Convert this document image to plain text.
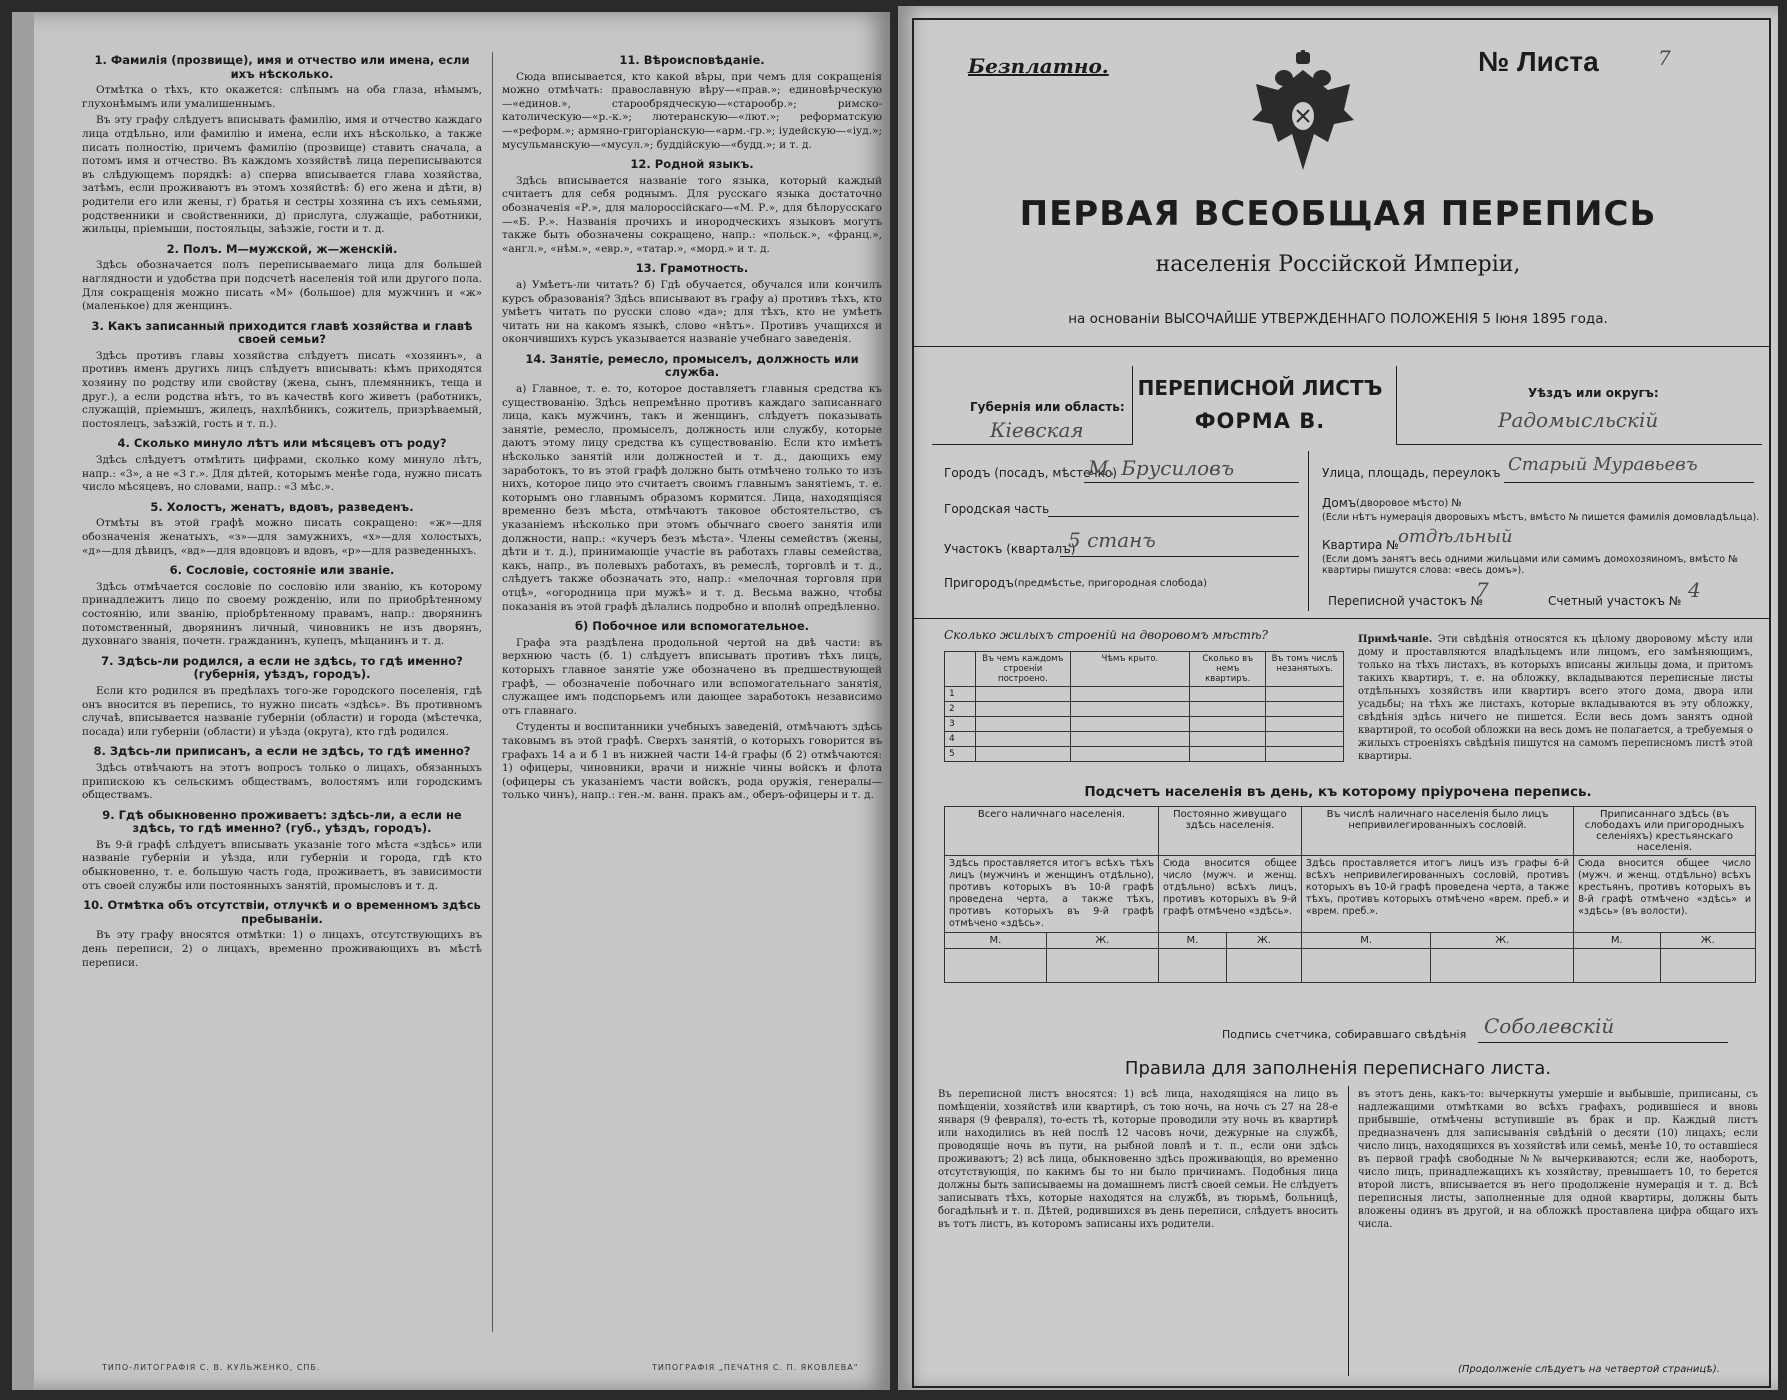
1. Фамилія (прозвище), имя и отчество или имена, если ихъ нѣсколько.

Отмѣтка о тѣхъ, кто окажется: слѣпымъ на оба глаза, нѣмымъ, глухонѣмымъ или умалишеннымъ.

Въ эту графу слѣдуетъ вписывать фамилію, имя и отчество каждаго лица отдѣльно, или фамилію и имена, если ихъ нѣсколько, а также писать полностію, причемъ фамилію (прозвище) ставить сначала, а потомъ имя и отчество. Въ каждомъ хозяйствѣ лица переписываются въ слѣдующемъ порядкѣ: а) сперва вписывается глава хозяйства, затѣмъ, если проживаютъ въ этомъ хозяйствѣ: б) его жена и дѣти, в) родители его или жены, г) братья и сестры хозяина съ ихъ семьями, родственники и свойственники, д) прислуга, служащіе, работники, жильцы, пріемыши, постояльцы, заѣзжіе, гости и т. д.

2. Полъ. М—мужской, ж—женскій.

Здѣсь обозначается полъ переписываемаго лица для большей наглядности и удобства при подсчетѣ населенія той или другого пола. Для сокращенія можно писать «М» (большое) для мужчинъ и «ж» (маленькое) для женщинъ.

3. Какъ записанный приходится главѣ хозяйства и главѣ своей семьи?

Здѣсь противъ главы хозяйства слѣдуетъ писать «хозяинъ», а противъ именъ другихъ лицъ слѣдуетъ вписывать: кѣмъ приходятся хозяину по родству или свойству (жена, сынъ, племянникъ, теща и друг.), а если родства нѣтъ, то въ качествѣ кого живетъ (работникъ, служащій, пріемышъ, жилецъ, нахлѣбникъ, сожитель, призрѣваемый, постоялецъ, заѣзжій, гость и т. п.).

4. Сколько минуло лѣтъ или мѣсяцевъ отъ роду?

Здѣсь слѣдуетъ отмѣтить цифрами, сколько кому минуло лѣтъ, напр.: «3», а не «3 г.». Для дѣтей, которымъ менѣе года, нужно писать число мѣсяцевъ, но словами, напр.: «3 мѣс.».

5. Холостъ, женатъ, вдовъ, разведенъ.

Отмѣты въ этой графѣ можно писать сокращено: «ж»—для обозначенія женатыхъ, «з»—для замужнихъ, «х»—для холостыхъ, «д»—для дѣвицъ, «вд»—для вдовцовъ и вдовъ, «р»—для разведенныхъ.

6. Сословіе, состояніе или званіе.

Здѣсь отмѣчается сословіе по сословію или званію, къ которому принадлежитъ лицо по своему рожденію, или по приобрѣтенному состоянію, или званію, пріобрѣтенному правамъ, напр.: дворянинъ потомственный, дворянинъ личный, чиновникъ не изъ дворянъ, духовнаго званія, почетн. гражданинъ, купецъ, мѣщанинъ и т. д.

7. Здѣсь-ли родился, а если не здѣсь, то гдѣ именно? (губернія, уѣздъ, городъ).

Если кто родился въ предѣлахъ того-же городского поселенія, гдѣ онъ вносится въ перепись, то нужно писать «здѣсь». Въ противномъ случаѣ, вписывается названіе губерніи (области) и города (мѣстечка, посада) или губерніи (области) и уѣзда (округа), кто гдѣ родился.

8. Здѣсь-ли приписанъ, а если не здѣсь, то гдѣ именно?

Здѣсь отвѣчаютъ на этотъ вопросъ только о лицахъ, обязанныхъ припискою къ сельскимъ обществамъ, волостямъ или городскимъ обществамъ.

9. Гдѣ обыкновенно проживаетъ: здѣсь-ли, а если не здѣсь, то гдѣ именно? (губ., уѣздъ, городъ).

Въ 9-й графѣ слѣдуетъ вписывать указаніе того мѣста «здѣсь» или названіе губерніи и уѣзда, или губерніи и города, гдѣ кто обыкновенно, т. е. большую часть года, проживаетъ, въ зависимости отъ своей службы или постоянныхъ занятій, промысловъ и т. д.

10. Отмѣтка объ отсутствіи, отлучкѣ и о временномъ здѣсь пребываніи.

Въ эту графу вносятся отмѣтки: 1) о лицахъ, отсутствующихъ въ день переписи, 2) о лицахъ, временно проживающихъ въ мѣстѣ переписи.

11. Вѣроисповѣданіе.

Сюда вписывается, кто какой вѣры, при чемъ для сокращенія можно отмѣчать: православную вѣру—«прав.»; единовѣрческую—«единов.», старообрядческую—«старообр.»; римско-католическую—«р.-к.»; лютеранскую—«лют.»; реформатскую—«реформ.»; армяно-григоріанскую—«арм.-гр.»; іудейскую—«іуд.»; мусульманскую—«мусул.»; буддійскую—«будд.»; и т. д.

12. Родной языкъ.

Здѣсь вписывается названіе того языка, который каждый считаетъ для себя роднымъ. Для русскаго языка достаточно обозначенія «Р.», для малороссійскаго—«М. Р.», для бѣлорусскаго—«Б. Р.». Названія прочихъ и инородческихъ языковъ могутъ также быть обозначены сокращено, напр.: «польск.», «франц.», «англ.», «нѣм.», «евр.», «татар.», «морд.» и т. д.

13. Грамотность.

а) Умѣетъ-ли читать? б) Гдѣ обучается, обучался или кончилъ курсъ образованія? Здѣсь вписывают въ графу а) противъ тѣхъ, кто умѣетъ читать по русски слово «да»; для тѣхъ, кто не умѣетъ читать ни на какомъ языкѣ, слово «нѣтъ». Противъ учащихся и окончившихъ курсъ указывается названіе учебнаго заведенія.

14. Занятіе, ремесло, промыселъ, должность или служба.

а) Главное, т. е. то, которое доставляетъ главныя средства къ существованію. Здѣсь непремѣнно противъ каждаго записаннаго лица, какъ мужчинъ, такъ и женщинъ, слѣдуетъ показывать занятіе, ремесло, промыселъ, должность или службу, которые даютъ этому лицу средства къ существованію. Если кто имѣетъ нѣсколько занятій или должностей и т. д., дающихъ ему заработокъ, то въ этой графѣ должно быть отмѣчено только то изъ нихъ, которое лицо это считаетъ своимъ главнымъ занятіемъ, т. е. которымъ оно главнымъ образомъ кормится. Лица, находящіяся временно безъ мѣста, отмѣчаютъ таковое обстоятельство, съ указаніемъ нѣсколько при этомъ обычнаго своего занятія или должности, напр.: «кучеръ безъ мѣста». Члены семействъ (жены, дѣти и т. д.), принимающіе участіе въ работахъ главы семейства, какъ, напр., въ полевыхъ работахъ, въ ремеслѣ, торговлѣ и т. д., слѣдуетъ также обозначать это, напр.: «мелочная торговля при отцѣ», «огородница при мужѣ» и т. д. Весьма важно, чтобы показанія въ этой графѣ дѣлались подробно и вполнѣ опредѣленно.

б) Побочное или вспомогательное.

Графа эта раздѣлена продольной чертой на двѣ части: въ верхнюю часть (б. 1) слѣдуетъ вписывать противъ тѣхъ лицъ, которыхъ главное занятіе уже обозначено въ предшествующей графѣ, — обозначеніе побочнаго или вспомогательнаго занятія, служащее имъ подспорьемъ или дающее заработокъ независимо отъ главнаго.

Студенты и воспитанники учебныхъ заведеній, отмѣчаютъ здѣсь таковымъ въ этой графѣ. Сверхъ занятій, о которыхъ говорится въ графахъ 14 а и б 1 въ нижней части 14-й графы (б 2) отмѣчаются: 1) офицеры, чиновники, врачи и нижніе чины войскъ и флота (офицеры съ указаніемъ части войскъ, рода оружія, генералы—только чинъ), напр.: ген.-м. ванн. пракъ ам., оберъ-офицеры и т. д.

ТИПО-ЛИТОГРАФІЯ С. В. КУЛЬЖЕНКО, СПБ.	ТИПОГРАФІЯ „ПЕЧАТНЯ С. П. ЯКОВЛЕВА"
Безплатно.	№ Листа	7
ПЕРВАЯ ВСЕОБЩАЯ ПЕРЕПИСЬ
населенія Россійской Имперіи,
на основаніи ВЫСОЧАЙШЕ УТВЕРЖДЕННАГО ПОЛОЖЕНІЯ 5 Іюня 1895 года.
Губернія или область:
Кіевская
ПЕРЕПИСНОЙ ЛИСТЪ
ФОРМА В.
Уѣздъ или округъ:
Радомысльскій
Городъ (посадъ, мѣстечко)
М. Брусиловъ
Городская часть
Участокъ (кварталъ)
5 станъ
Пригородъ (предмѣстье, пригородная слобода)
Улица, площадь, переулокъ Старый Муравьевъ
Домъ (дворовое мѣсто) №
(Если нѣтъ нумерація дворовыхъ мѣстъ, вмѣсто № пишется фамилія домовладѣльца).
Квартира № отдѣльный
(Если домъ занятъ весь одними жильцами или самимъ домохозяиномъ, вмѣсто № квартиры пишутся слова: «весь домъ»).
Переписной участокъ №
7	Счетный участокъ № 4
Сколько жилыхъ строеній на дворовомъ мѣстѣ?
	Въ чемъ каждомъ строеніи построено.	Чѣмъ крыто.	Сколько въ немъ квартиръ.	Въ томъ числѣ незанятыхъ.
1				
2				
3				
4				
5				
Примѣчаніе. Эти свѣдѣнія относятся къ цѣлому дворовому мѣсту или дому и проставляются владѣльцемъ или лицомъ, его замѣняющимъ, только на тѣхъ листахъ, въ которыхъ вписаны жильцы дома, и притомъ такихъ квартиръ, т. е. на обложку, вкладываются переписные листы отдѣльныхъ хозяйствъ или квартиръ всего этого дома, двора или усадьбы; на тѣхъ же листахъ, которые вкладываются въ эту обложку, свѣдѣнія здѣсь ничего не пишется. Если весь домъ занятъ одной квартирой, то особой обложки на весь домъ не полагается, а требуемыя о жилыхъ строеніяхъ свѣдѣнія пишутся на самомъ переписномъ листѣ этой квартиры.
Подсчетъ населенія въ день, къ которому пріурочена перепись.
Всего наличнаго населенія.		Постоянно живущаго здѣсь населенія.		Въ числѣ наличнаго населенія было лицъ непривилегированныхъ сословій.		Приписаннаго здѣсь (въ слободахъ или пригородныхъ селеніяхъ) крестьянскаго населенія.	
Здѣсь проставляется итогъ всѣхъ тѣхъ лицъ (мужчинъ и женщинъ отдѣльно), противъ которыхъ въ 10-й графѣ проведена черта, а также тѣхъ, противъ которыхъ въ 9-й графѣ отмѣчено «здѣсь».		Сюда вносится общее число (мужч. и женщ. отдѣльно) всѣхъ лицъ, противъ которыхъ въ 9-й графѣ отмѣчено «здѣсь».		Здѣсь проставляется итогъ лицъ изъ графы 6-й всѣхъ непривилегированныхъ сословій, противъ которыхъ въ 10-й графѣ проведена черта, а также тѣхъ, противъ которыхъ отмѣчено «врем. преб.» и «врем. преб.».		Сюда вносится общее число (мужч. и женщ. отдѣльно) всѣхъ крестьянъ, противъ которыхъ въ 8-й графѣ отмѣчено «здѣсь» и «здѣсь» (въ волости).	
М.	Ж.	М.	Ж.	М.	Ж.	М.	Ж.

Подпись счетчика, собиравшаго свѣдѣнія Соболевскій
Правила для заполненія переписнаго листа.
Въ переписной листъ вносятся: 1) всѣ лица, находящіяся на лицо въ помѣщеніи, хозяйствѣ или квартирѣ, съ тою ночь, на ночь съ 27 на 28-е января (9 февраля), то-есть тѣ, которые проводили эту ночь въ квартирѣ или находились въ ней послѣ 12 часовъ ночи, дежурные на службѣ, проводящіе ночь въ пути, на рыбной ловлѣ и т. п., если они здѣсь проживаютъ; 2) всѣ лица, обыкновенно здѣсь проживающія, но временно отсутствующія, по какимъ бы то ни было причинамъ. Подобныя лица должны быть записываемы на домашнемъ листѣ своей семьи. Не слѣдуетъ записывать тѣхъ, которые находятся на службѣ, въ тюрьмѣ, больницѣ, богадѣльнѣ и т. п. Дѣтей, родившихся въ день переписи, слѣдуетъ вносить въ тотъ листъ, въ которомъ записаны ихъ родители.
въ этотъ день, какъ-то: вычеркнуты умершіе и выбывшіе, приписаны, съ надлежащими отмѣтками во всѣхъ графахъ, родившіеся и вновь прибывшіе, отмѣчены вступившіе въ брак и пр. Каждый листъ предназначенъ для записыванія свѣдѣній о десяти (10) лицахъ; если число лицъ, находящихся въ хозяйствѣ или семьѣ, менѣе 10, то оставшіеся въ первой графѣ свободные №№ вычеркиваются; если же, наоборотъ, число лицъ, принадлежащихъ къ хозяйству, превышаетъ 10, то берется второй листъ, вписывается въ него продолженіе нумерація и т. д. Всѣ переписныя листы, заполненные для одной квартиры, должны быть вложены одинъ въ другой, и на обложкѣ проставлена цифра общаго ихъ числа.
(Продолженіе слѣдуетъ на четвертой страницѣ).
